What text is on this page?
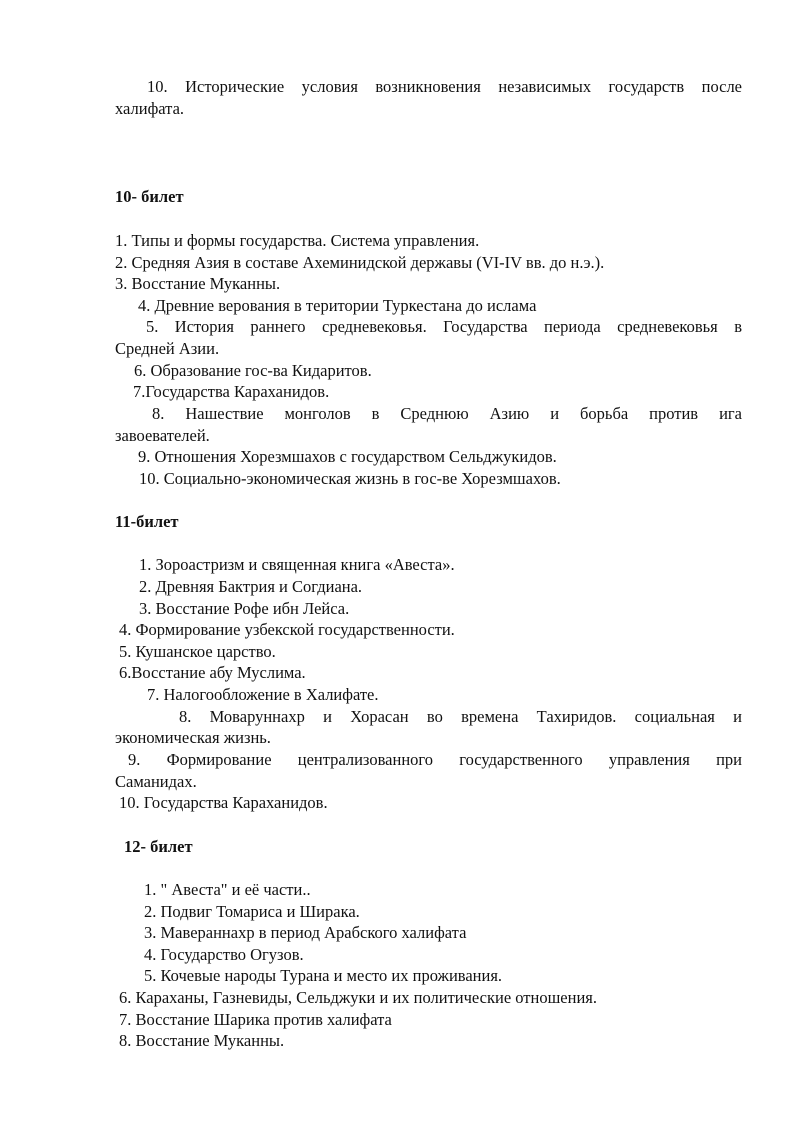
10. Исторические условия возникновения независимых государств после
халифата.
10- билет
1. Типы и формы государства. Система управления.
2. Средняя Азия в составе Ахеминидской державы (VI-IV вв. до н.э.).
3. Восстание Муканны.
4. Древние верования в територии Туркестана до ислама
5. История раннего средневековья. Государства периода средневековья в
Средней Азии.
6. Образование гос-ва Кидаритов.
7.Государства Караханидов.
8. Нашествие монголов в Среднюю Азию и борьба против ига
завоевателей.
9. Отношения Хорезмшахов с государством Сельджукидов.
10. Социально-экономическая жизнь в гос-ве Хорезмшахов.
11-билет
1. Зороастризм и священная книга «Авеста».
2. Древняя Бактрия и Согдиана.
3. Восстание Рофе ибн Лейса.
4. Формирование узбекской государственности.
5. Кушанское царство.
6.Восстание абу Муслима.
7. Налогообложение в Халифате.
8. Моваруннахр и Хорасан во времена Тахиридов. социальная и
экономическая жизнь.
9. Формирование централизованного государственного управления при
Саманидах.
10. Государства Караханидов.
12- билет
1. " Авеста" и её части..
2. Подвиг Томариса и Ширака.
3. Мавераннахр в период Арабского халифата
4. Государство Огузов.
5. Кочевые народы Турана и место их проживания.
6. Караханы, Газневиды, Сельджуки и их политические отношения.
7. Восстание Шарика против халифата
8. Восстание Муканны.
